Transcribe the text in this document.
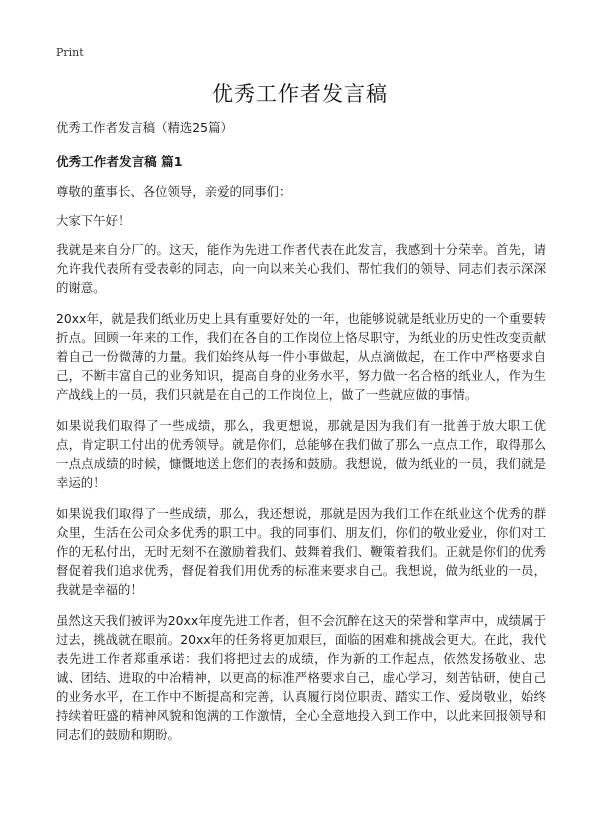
Print
优秀工作者发言稿
优秀工作者发言稿（精选25篇）
优秀工作者发言稿 篇1

尊敬的董事长、各位领导，亲爱的同事们：

大家下午好！

我就是来自分厂的。这天，能作为先进工作者代表在此发言，我感到十分荣幸。首先，请允许我代表所有受表彰的同志，向一向以来关心我们、帮忙我们的领导、同志们表示深深的谢意。

20xx年，就是我们纸业历史上具有重要好处的一年，也能够说就是纸业历史的一个重要转折点。回顾一年来的工作，我们在各自的工作岗位上恪尽职守，为纸业的历史性改变贡献着自己一份微薄的力量。我们始终从每一件小事做起，从点滴做起，在工作中严格要求自己，不断丰富自己的业务知识，提高自身的业务水平，努力做一名合格的纸业人，作为生产战线上的一员，我们只就是在自己的工作岗位上，做了一些就应做的事情。

如果说我们取得了一些成绩，那么，我更想说，那就是因为我们有一批善于放大职工优点，肯定职工付出的优秀领导。就是你们，总能够在我们做了那么一点点工作，取得那么一点点成绩的时候，慷慨地送上您们的表扬和鼓励。我想说，做为纸业的一员，我们就是幸运的！

如果说我们取得了一些成绩，那么，我还想说，那就是因为我们工作在纸业这个优秀的群众里，生活在公司众多优秀的职工中。我的同事们、朋友们，你们的敬业爱业，你们对工作的无私付出，无时无刻不在激励着我们、鼓舞着我们、鞭策着我们。正就是你们的优秀督促着我们追求优秀，督促着我们用优秀的标准来要求自己。我想说，做为纸业的一员，我就是幸福的！

虽然这天我们被评为20xx年度先进工作者，但不会沉醉在这天的荣誉和掌声中，成绩属于过去，挑战就在眼前。20xx年的任务将更加艰巨，面临的困难和挑战会更大。在此，我代表先进工作者郑重承诺：我们将把过去的成绩，作为新的工作起点，依然发扬敬业、忠诚、团结、进取的中冶精神，以更高的标准严格要求自己，虚心学习，刻苦钻研，使自己的业务水平，在工作中不断提高和完善，认真履行岗位职责、踏实工作、爱岗敬业，始终持续着旺盛的精神风貌和饱满的工作激情，全心全意地投入到工作中，以此来回报领导和同志们的鼓励和期盼。
